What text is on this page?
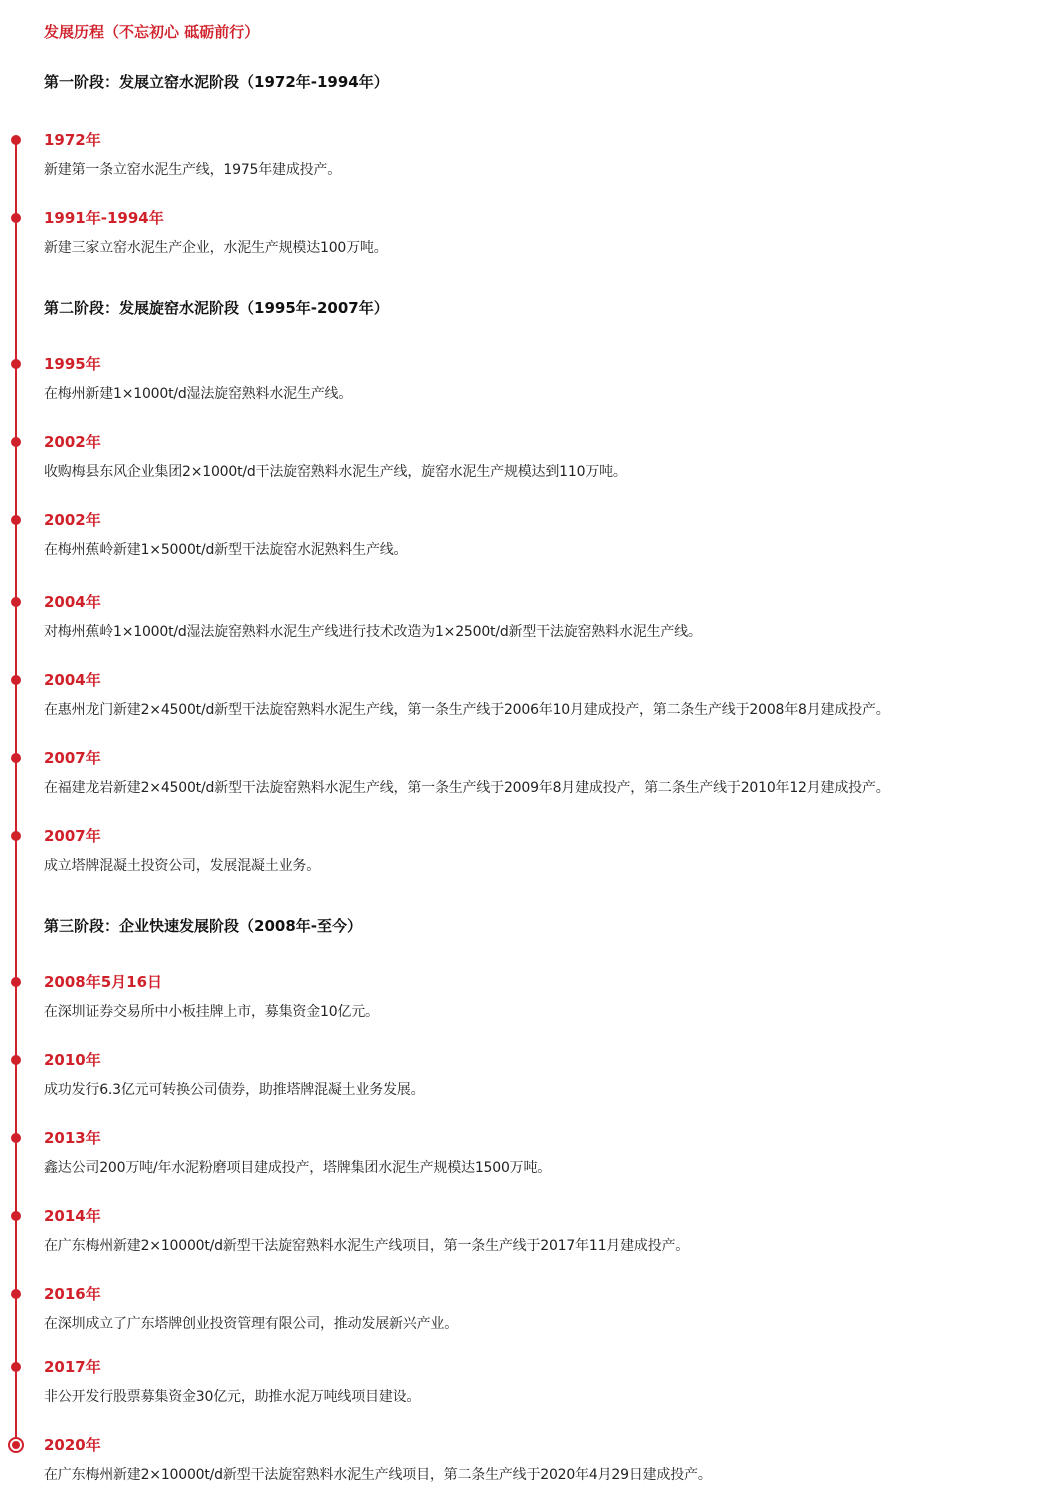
发展历程（不忘初心 砥砺前行）
第一阶段：发展立窑水泥阶段（1972年-1994年）
第二阶段：发展旋窑水泥阶段（1995年-2007年）
第三阶段：企业快速发展阶段（2008年-至今）
1972年
新建第一条立窑水泥生产线，1975年建成投产。
1991年-1994年
新建三家立窑水泥生产企业，水泥生产规模达100万吨。
1995年
在梅州新建1×1000t/d湿法旋窑熟料水泥生产线。
2002年
收购梅县东风企业集团2×1000t/d干法旋窑熟料水泥生产线，旋窑水泥生产规模达到110万吨。
2002年
在梅州蕉岭新建1×5000t/d新型干法旋窑水泥熟料生产线。
2004年
对梅州蕉岭1×1000t/d湿法旋窑熟料水泥生产线进行技术改造为1×2500t/d新型干法旋窑熟料水泥生产线。
2004年
在惠州龙门新建2×4500t/d新型干法旋窑熟料水泥生产线，第一条生产线于2006年10月建成投产，第二条生产线于2008年8月建成投产。
2007年
在福建龙岩新建2×4500t/d新型干法旋窑熟料水泥生产线，第一条生产线于2009年8月建成投产，第二条生产线于2010年12月建成投产。
2007年
成立塔牌混凝土投资公司，发展混凝土业务。
2008年5月16日
在深圳证券交易所中小板挂牌上市，募集资金10亿元。
2010年
成功发行6.3亿元可转换公司债券，助推塔牌混凝土业务发展。
2013年
鑫达公司200万吨/年水泥粉磨项目建成投产，塔牌集团水泥生产规模达1500万吨。
2014年
在广东梅州新建2×10000t/d新型干法旋窑熟料水泥生产线项目，第一条生产线于2017年11月建成投产。
2016年
在深圳成立了广东塔牌创业投资管理有限公司，推动发展新兴产业。
2017年
非公开发行股票募集资金30亿元，助推水泥万吨线项目建设。
2020年
在广东梅州新建2×10000t/d新型干法旋窑熟料水泥生产线项目，第二条生产线于2020年4月29日建成投产。
